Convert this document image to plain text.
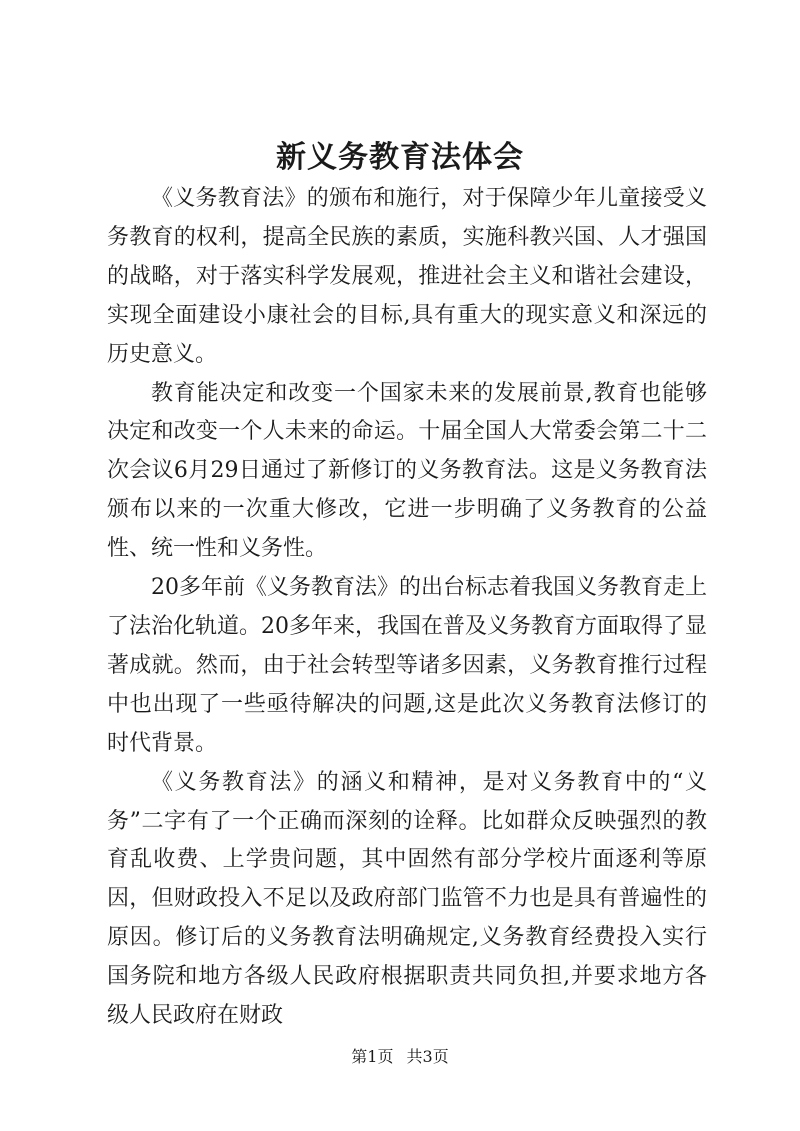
新义务教育法体会

《义务教育法》的颁布和施行，对于保障少年儿童接受义务教育的权利，提高全民族的素质，实施科教兴国、人才强国的战略，对于落实科学发展观，推进社会主义和谐社会建设，实现全面建设小康社会的目标,具有重大的现实意义和深远的历史意义。

教育能决定和改变一个国家未来的发展前景,教育也能够决定和改变一个人未来的命运。十届全国人大常委会第二十二次会议6月29日通过了新修订的义务教育法。这是义务教育法颁布以来的一次重大修改，它进一步明确了义务教育的公益性、统一性和义务性。

20多年前《义务教育法》的出台标志着我国义务教育走上了法治化轨道。20多年来，我国在普及义务教育方面取得了显著成就。然而，由于社会转型等诸多因素，义务教育推行过程中也出现了一些亟待解决的问题,这是此次义务教育法修订的时代背景。

《义务教育法》的涵义和精神，是对义务教育中的“义务”二字有了一个正确而深刻的诠释。比如群众反映强烈的教育乱收费、上学贵问题，其中固然有部分学校片面逐利等原因，但财政投入不足以及政府部门监管不力也是具有普遍性的原因。修订后的义务教育法明确规定,义务教育经费投入实行国务院和地方各级人民政府根据职责共同负担,并要求地方各级人民政府在财政

第1页 共3页
